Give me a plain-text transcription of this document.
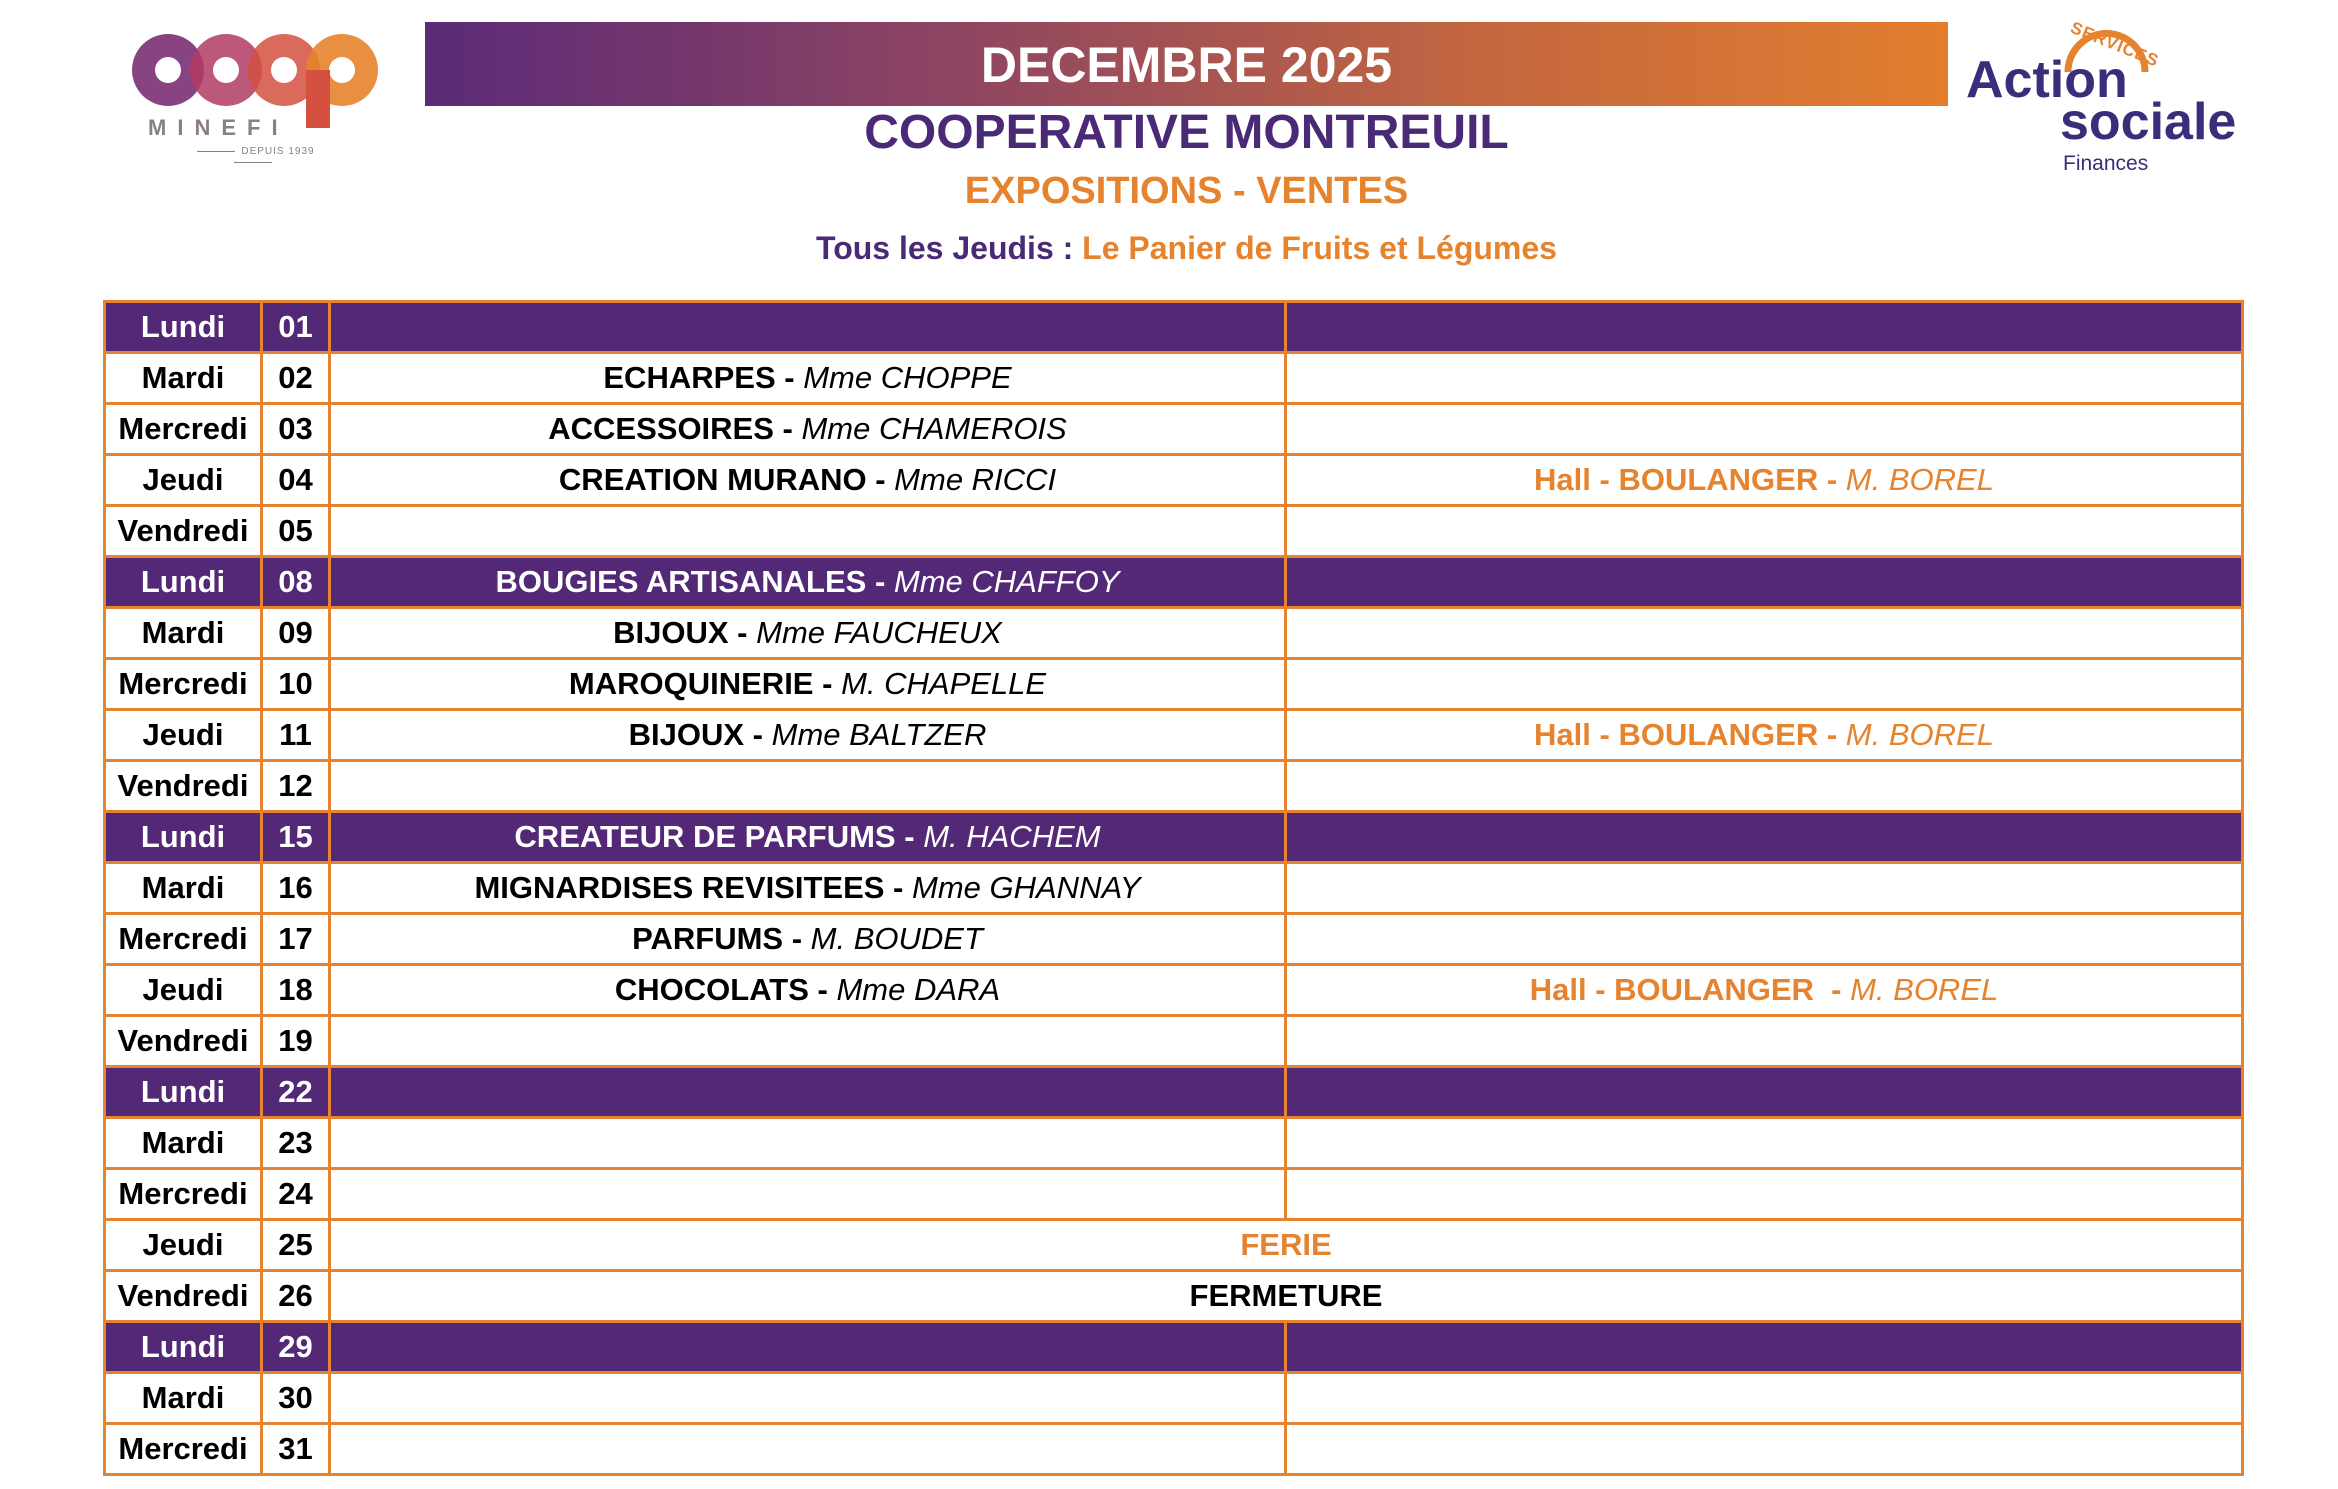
MINEFI
DEPUIS 1939
DECEMBRE 2025
COOPERATIVE MONTREUIL
EXPOSITIONS - VENTES
Tous les Jeudis : Le Panier de Fruits et Légumes
SERVICES
Action
sociale
Finances
Lundi	01		
Mardi	02	ECHARPES - Mme CHOPPE	
Mercredi	03	ACCESSOIRES - Mme CHAMEROIS	
Jeudi	04	CREATION MURANO - Mme RICCI	Hall - BOULANGER - M. BOREL
Vendredi	05		
Lundi	08	BOUGIES ARTISANALES - Mme CHAFFOY	
Mardi	09	BIJOUX - Mme FAUCHEUX	
Mercredi	10	MAROQUINERIE - M. CHAPELLE	
Jeudi	11	BIJOUX - Mme BALTZER	Hall - BOULANGER - M. BOREL
Vendredi	12		
Lundi	15	CREATEUR DE PARFUMS - M. HACHEM	
Mardi	16	MIGNARDISES REVISITEES - Mme GHANNAY	
Mercredi	17	PARFUMS - M. BOUDET	
Jeudi	18	CHOCOLATS - Mme DARA	Hall - BOULANGER  - M. BOREL
Vendredi	19		
Lundi	22		
Mardi	23		
Mercredi	24		
Jeudi	25	FERIE	
Vendredi	26	FERMETURE	
Lundi	29		
Mardi	30		
Mercredi	31		
